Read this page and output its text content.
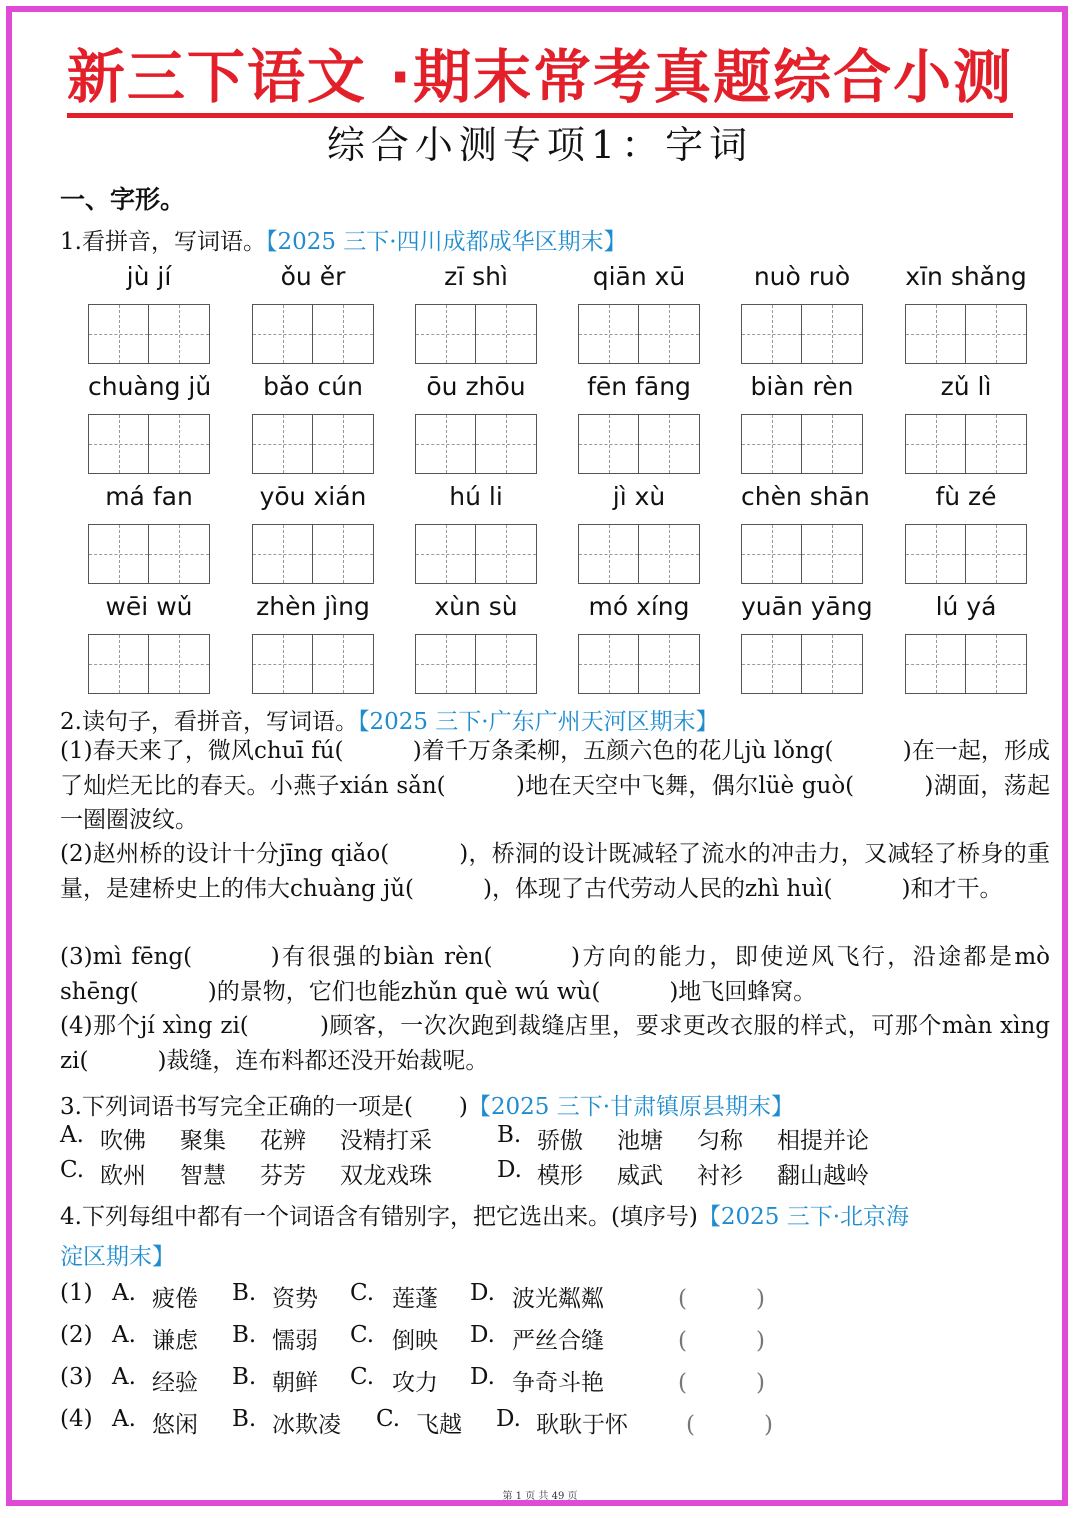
新三下语文 ·期末常考真题综合小测
综合小测专项1：字词
一、字形。
1.看拼音，写词语。【2025 三下·四川成都成华区期末】
jù jí	ǒu ěr	zī shì	qiān xū	nuò ruò	xīn shǎng
chuàng jǔ	bǎo cún	ōu zhōu	fēn fāng	biàn rèn	zǔ lì
má fan	yōu xián	hú li	jì xù	chèn shān	fù zé
wēi wǔ	zhèn jìng	xùn sù	mó xíng	yuān yāng	lú yá
2.读句子，看拼音，写词语。【2025 三下·广东广州天河区期末】
(1)春天来了，微风chuī fú(　　　)着千万条柔柳，五颜六色的花儿jù lǒng(　　　)在一起，形成了灿烂无比的春天。小燕子xián sǎn(　　　)地在天空中飞舞，偶尔lüè guò(　　　)湖面，荡起一圈圈波纹。
(2)赵州桥的设计十分jīng qiǎo(　　　)，桥洞的设计既减轻了流水的冲击力，又减轻了桥身的重量，是建桥史上的伟大chuàng jǔ(　　　)，体现了古代劳动人民的zhì huì(　　　)和才干。
(3)mì fēng(　　　)有很强的biàn rèn(　　　)方向的能力，即使逆风飞行，沿途都是mò shēng(　　　)的景物，它们也能zhǔn què wú wù(　　　)地飞回蜂窝。
(4)那个jí xìng zi(　　　)顾客，一次次跑到裁缝店里，要求更改衣服的样式，可那个màn xìng zi(　　　)裁缝，连布料都还没开始裁呢。
3.下列词语书写完全正确的一项是(　　)【2025 三下·甘肃镇原县期末】
A. 吹佛 聚集 花辨 没精打采	B. 骄傲 池塘 匀称 相提并论
C. 欧州 智慧 芬芳 双龙戏珠	D. 模形 威武 衬衫 翻山越岭
4.下列每组中都有一个词语含有错别字，把它选出来。(填序号)【2025 三下·北京海
淀区期末】
(1) A. 疲倦 B. 资势 C. 莲蓬 D. 波光粼粼	(　　　)
(2) A. 谦虑 B. 懦弱 C. 倒映 D. 严丝合缝	(　　　)
(3) A. 经验 B. 朝鲜 C. 攻力 D. 争奇斗艳	(　　　)
(4) A. 悠闲 B. 冰欺凌 C. 飞越 D. 耿耿于怀	(　　　)
第 1 页 共 49 页
